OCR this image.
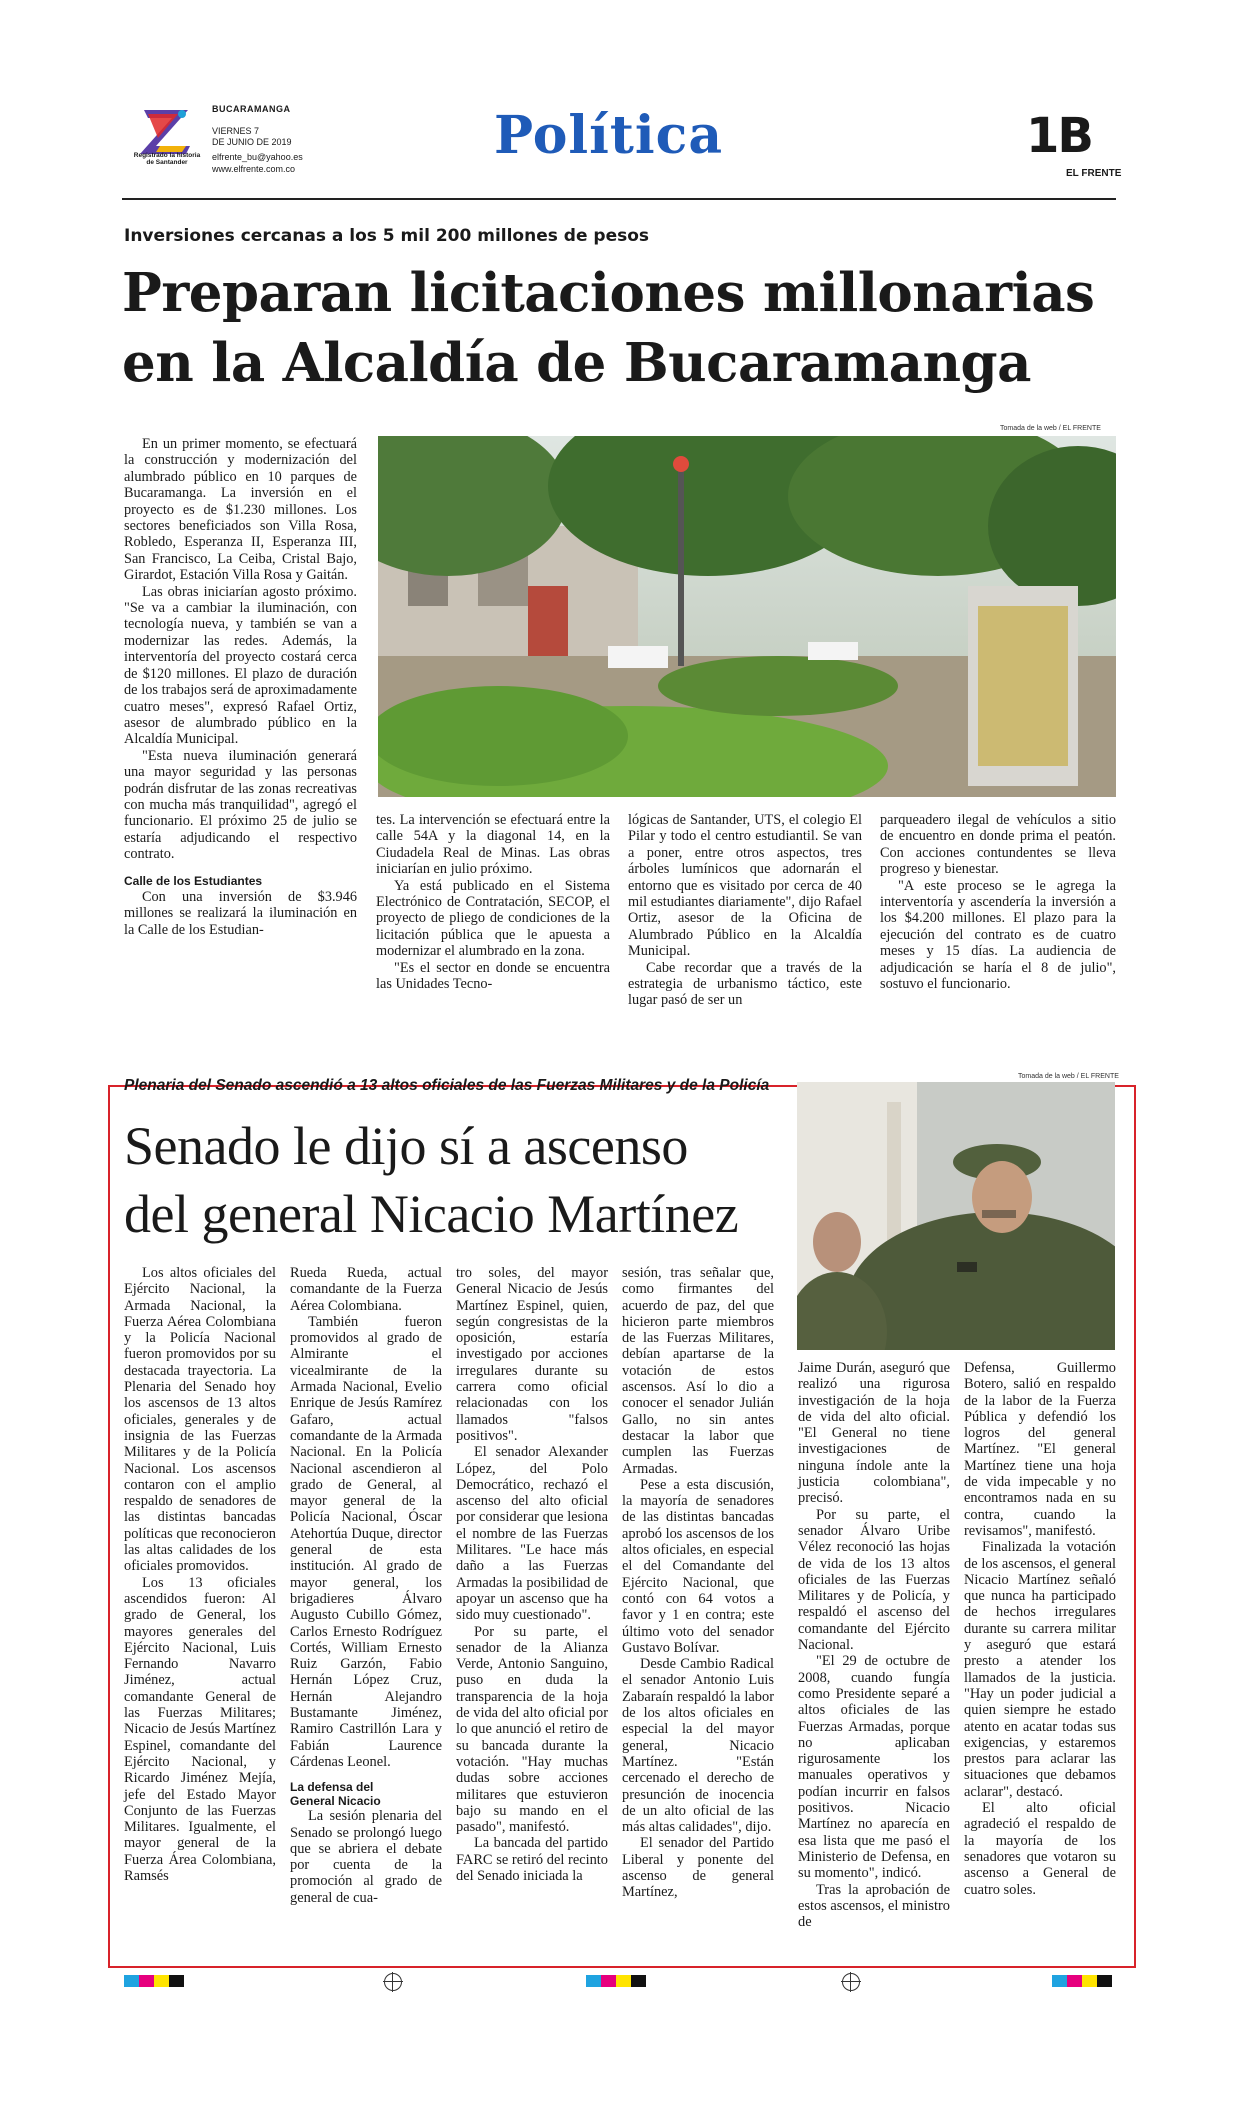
Registrado la historia de Santander
BUCARAMANGA
VIERNES 7
DE JUNIO DE 2019
elfrente_bu@yahoo.es
www.elfrente.com.co
Política	1B
EL FRENTE
Inversiones cercanas a los 5 mil 200 millones de pesos
Preparan licitaciones millonarias
en la Alcaldía de Bucaramanga
Tomada de la web / EL FRENTE

En un primer momento, se efectuará la construcción y modernización del alumbrado público en 10 parques de Bucaramanga. La inversión en el proyecto es de $1.230 millones. Los sectores beneficiados son Villa Rosa, Robledo, Esperanza II, Esperanza III, San Francisco, La Ceiba, Cristal Bajo, Girardot, Estación Villa Rosa y Gaitán.

Las obras iniciarían agosto próximo. "Se va a cambiar la iluminación, con tecnología nueva, y también se van a modernizar las redes. Además, la interventoría del proyecto costará cerca de $120 millones. El plazo de duración de los trabajos será de aproximadamente cuatro meses", expresó Rafael Ortiz, asesor de alumbrado público en la Alcaldía Municipal.

"Esta nueva iluminación generará una mayor seguridad y las personas podrán disfrutar de las zonas recreativas con mucha más tranquilidad", agregó el funcionario. El próximo 25 de julio se estaría adjudicando el respectivo contrato.

Calle de los Estudiantes

Con una inversión de $3.946 millones se realizará la iluminación en la Calle de los Estudian-

tes. La intervención se efectuará entre la calle 54A y la diagonal 14, en la Ciudadela Real de Minas. Las obras iniciarían en julio próximo.

Ya está publicado en el Sistema Electrónico de Contratación, SECOP, el proyecto de pliego de condiciones de la licitación pública que le apuesta a modernizar el alumbrado en la zona.

"Es el sector en donde se encuentra las Unidades Tecno-

lógicas de Santander, UTS, el colegio El Pilar y todo el centro estudiantil. Se van a poner, entre otros aspectos, tres árboles lumínicos que adornarán el entorno que es visitado por cerca de 40 mil estudiantes diariamente", dijo Rafael Ortiz, asesor de la Oficina de Alumbrado Público en la Alcaldía Municipal.

Cabe recordar que a través de la estrategia de urbanismo táctico, este lugar pasó de ser un

parqueadero ilegal de vehículos a sitio de encuentro en donde prima el peatón. Con acciones contundentes se lleva progreso y bienestar.

"A este proceso se le agrega la interventoría y ascendería la inversión a los $4.200 millones. El plazo para la ejecución del contrato es de cuatro meses y 15 días. La audiencia de adjudicación se haría el 8 de julio", sostuvo el funcionario.

Plenaria del Senado ascendió a 13 altos oficiales de las Fuerzas Militares y de la Policía
Senado le dijo sí a ascenso
del general Nicacio Martínez
Tomada de la web / EL FRENTE

Los altos oficiales del Ejército Nacional, la Armada Nacional, la Fuerza Aérea Colombiana y la Policía Nacional fueron promovidos por su destacada trayectoria. La Plenaria del Senado hoy los ascensos de 13 altos oficiales, generales y de insignia de las Fuerzas Militares y de la Policía Nacional. Los ascensos contaron con el amplio respaldo de senadores de las distintas bancadas políticas que reconocieron las altas calidades de los oficiales promovidos.

Los 13 oficiales ascendidos fueron: Al grado de General, los mayores generales del Ejército Nacional, Luis Fernando Navarro Jiménez, actual comandante General de las Fuerzas Militares; Nicacio de Jesús Martínez Espinel, comandante del Ejército Nacional, y Ricardo Jiménez Mejía, jefe del Estado Mayor Conjunto de las Fuerzas Militares. Igualmente, el mayor general de la Fuerza Área Colombiana, Ramsés

Rueda Rueda, actual comandante de la Fuerza Aérea Colombiana.

También fueron promovidos al grado de Almirante el vicealmirante de la Armada Nacional, Evelio Enrique de Jesús Ramírez Gafaro, actual comandante de la Armada Nacional. En la Policía Nacional ascendieron al grado de General, al mayor general de la Policía Nacional, Óscar Atehortúa Duque, director general de esta institución. Al grado de mayor general, los brigadieres Álvaro Augusto Cubillo Gómez, Carlos Ernesto Rodríguez Cortés, William Ernesto Ruiz Garzón, Fabio Hernán López Cruz, Hernán Alejandro Bustamante Jiménez, Ramiro Castrillón Lara y Fabián Laurence Cárdenas Leonel.

La defensa del
General Nicacio

La sesión plenaria del Senado se prolongó luego que se abriera el debate por cuenta de la promoción al grado de general de cua-

tro soles, del mayor General Nicacio de Jesús Martínez Espinel, quien, según congresistas de la oposición, estaría investigado por acciones irregulares durante su carrera como oficial relacionadas con los llamados "falsos positivos".

El senador Alexander López, del Polo Democrático, rechazó el ascenso del alto oficial por considerar que lesiona el nombre de las Fuerzas Militares. "Le hace más daño a las Fuerzas Armadas la posibilidad de apoyar un ascenso que ha sido muy cuestionado".

Por su parte, el senador de la Alianza Verde, Antonio Sanguino, puso en duda la transparencia de la hoja de vida del alto oficial por lo que anunció el retiro de su bancada durante la votación. "Hay muchas dudas sobre acciones militares que estuvieron bajo su mando en el pasado", manifestó.

La bancada del partido FARC se retiró del recinto del Senado iniciada la

sesión, tras señalar que, como firmantes del acuerdo de paz, del que hicieron parte miembros de las Fuerzas Militares, debían apartarse de la votación de estos ascensos. Así lo dio a conocer el senador Julián Gallo, no sin antes destacar la labor que cumplen las Fuerzas Armadas.

Pese a esta discusión, la mayoría de senadores de las distintas bancadas aprobó los ascensos de los altos oficiales, en especial el del Comandante del Ejército Nacional, que contó con 64 votos a favor y 1 en contra; este último voto del senador Gustavo Bolívar.

Desde Cambio Radical el senador Antonio Luis Zabaraín respaldó la labor de los altos oficiales en especial la del mayor general, Nicacio Martínez. "Están cercenado el derecho de presunción de inocencia de un alto oficial de las más altas calidades", dijo.

El senador del Partido Liberal y ponente del ascenso de general Martínez,

Jaime Durán, aseguró que realizó una rigurosa investigación de la hoja de vida del alto oficial. "El General no tiene investigaciones de ninguna índole ante la justicia colombiana", precisó.

Por su parte, el senador Álvaro Uribe Vélez reconoció las hojas de vida de los 13 altos oficiales de las Fuerzas Militares y de Policía, y respaldó el ascenso del comandante del Ejército Nacional.

"El 29 de octubre de 2008, cuando fungía como Presidente separé a altos oficiales de las Fuerzas Armadas, porque no aplicaban rigurosamente los manuales operativos y podían incurrir en falsos positivos. Nicacio Martínez no aparecía en esa lista que me pasó el Ministerio de Defensa, en su momento", indicó.

Tras la aprobación de estos ascensos, el ministro de

Defensa, Guillermo Botero, salió en respaldo de la labor de la Fuerza Pública y defendió los logros del general Martínez. "El general Martínez tiene una hoja de vida impecable y no encontramos nada en su contra, cuando la revisamos", manifestó.

Finalizada la votación de los ascensos, el general Nicacio Martínez señaló que nunca ha participado de hechos irregulares durante su carrera militar y aseguró que estará presto a atender los llamados de la justicia. "Hay un poder judicial a quien siempre he estado atento en acatar todas sus exigencias, y estaremos prestos para aclarar las situaciones que debamos aclarar", destacó.

El alto oficial agradeció el respaldo de la mayoría de los senadores que votaron su ascenso a General de cuatro soles.
